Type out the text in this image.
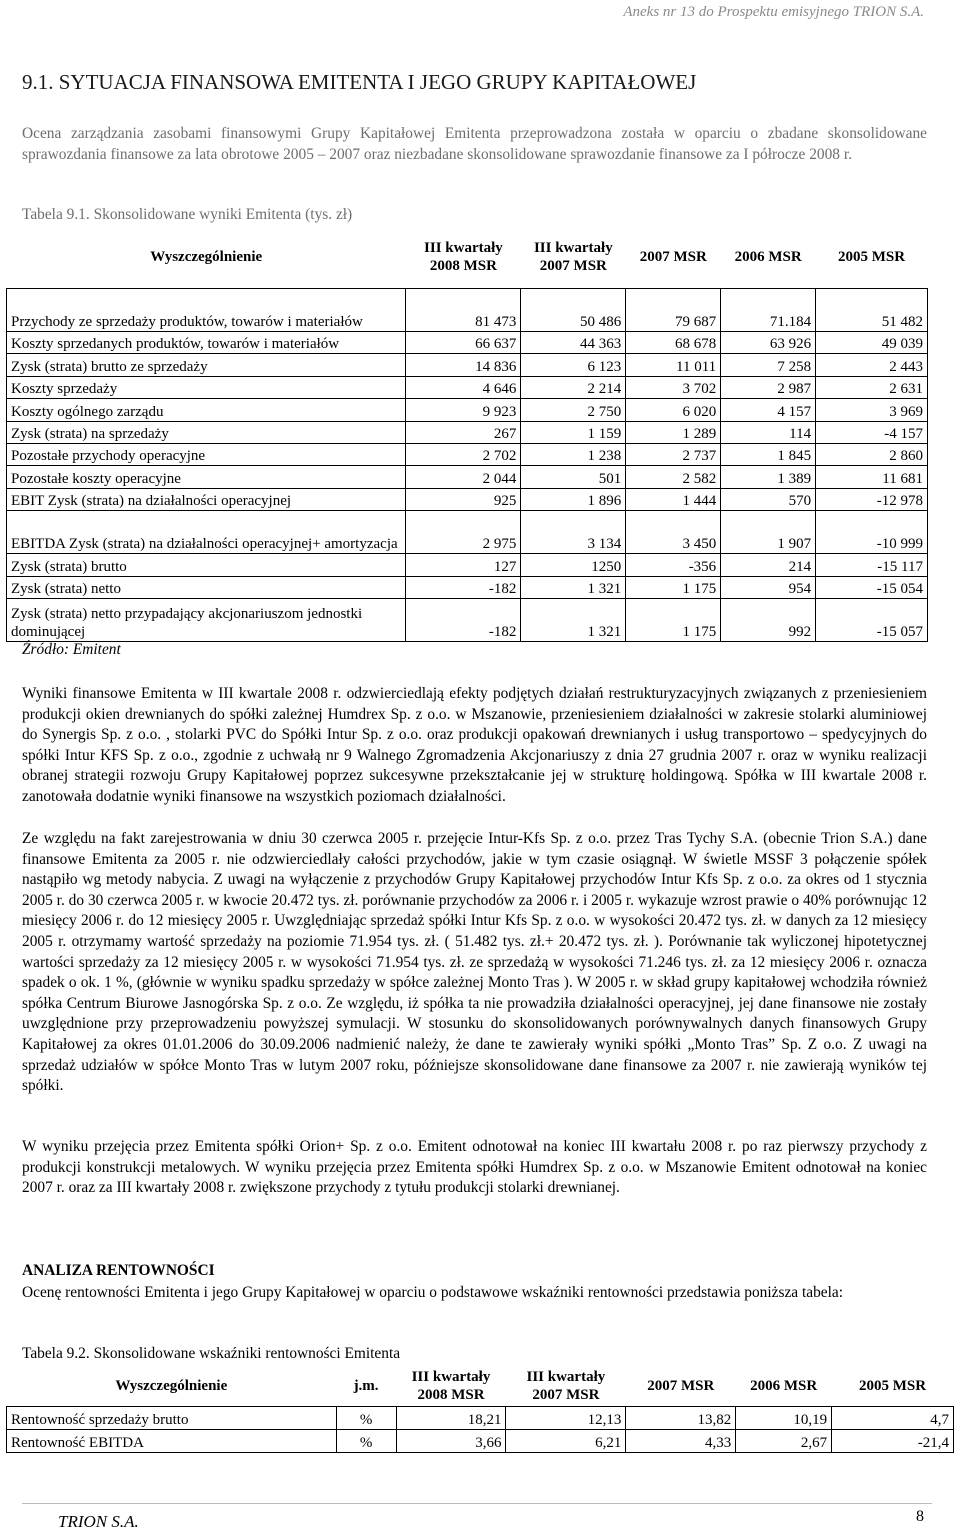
Aneks nr 13 do Prospektu emisyjnego TRION S.A.
9.1. SYTUACJA FINANSOWA EMITENTA I JEGO GRUPY KAPITAŁOWEJ
Ocena zarządzania zasobami finansowymi Grupy Kapitałowej Emitenta przeprowadzona została w oparciu o zbadane skonsolidowane sprawozdania finansowe za lata obrotowe 2005 – 2007 oraz niezbadane skonsolidowane sprawozdanie finansowe za I półrocze 2008 r.
Tabela 9.1. Skonsolidowane wyniki Emitenta (tys. zł)
Wyszczególnienie	III kwartały 2008 MSR	III kwartały 2007 MSR	2007 MSR	2006 MSR	2005 MSR
Przychody ze sprzedaży produktów, towarów i materiałów	81 473	50 486	79 687	71.184	51 482
Koszty sprzedanych produktów, towarów i materiałów	66 637	44 363	68 678	63 926	49 039
Zysk (strata) brutto ze sprzedaży	14 836	6 123	11 011	7 258	2 443
Koszty sprzedaży	4 646	2 214	3 702	2 987	2 631
Koszty ogólnego zarządu	9 923	2 750	6 020	4 157	3 969
Zysk (strata) na sprzedaży	267	1 159	1 289	114	-4 157
Pozostałe przychody operacyjne	2 702	1 238	2 737	1 845	2 860
Pozostałe koszty operacyjne	2 044	501	2 582	1 389	11 681
EBIT Zysk (strata) na działalności operacyjnej	925	1 896	1 444	570	-12 978
EBITDA Zysk (strata) na działalności operacyjnej+ amortyzacja	2 975	3 134	3 450	1 907	-10 999
Zysk (strata) brutto	127	1250	-356	214	-15 117
Zysk (strata) netto	-182	1 321	1 175	954	-15 054
Zysk (strata) netto przypadający akcjonariuszom jednostki dominującej	-182	1 321	1 175	992	-15 057
Źródło: Emitent
Wyniki finansowe Emitenta w III kwartale 2008 r. odzwierciedlają efekty podjętych działań restrukturyzacyjnych związanych z przeniesieniem produkcji okien drewnianych do spółki zależnej Humdrex Sp. z o.o. w Mszanowie, przeniesieniem działalności w zakresie stolarki aluminiowej do Synergis Sp. z o.o. , stolarki PVC do Spółki Intur Sp. z o.o. oraz produkcji opakowań drewnianych i usług transportowo – spedycyjnych do spółki Intur KFS Sp. z o.o., zgodnie z uchwałą nr 9 Walnego Zgromadzenia Akcjonariuszy z dnia 27 grudnia 2007 r. oraz w wyniku realizacji obranej strategii rozwoju Grupy Kapitałowej poprzez sukcesywne przekształcanie jej w strukturę holdingową. Spółka w III kwartale 2008 r. zanotowała dodatnie wyniki finansowe na wszystkich poziomach działalności.
Ze względu na fakt zarejestrowania w dniu 30 czerwca 2005 r. przejęcie Intur-Kfs Sp. z o.o. przez Tras Tychy S.A. (obecnie Trion S.A.) dane finansowe Emitenta za 2005 r. nie odzwierciedlały całości przychodów, jakie w tym czasie osiągnął. W świetle MSSF 3 połączenie spółek nastąpiło wg metody nabycia. Z uwagi na wyłączenie z przychodów Grupy Kapitałowej przychodów Intur Kfs Sp. z o.o. za okres od 1 stycznia 2005 r. do 30 czerwca 2005 r. w kwocie 20.472 tys. zł. porównanie przychodów za 2006 r. i 2005 r. wykazuje wzrost prawie o 40% porównując 12 miesięcy 2006 r. do 12 miesięcy 2005 r. Uwzględniając sprzedaż spółki Intur Kfs Sp. z o.o. w wysokości 20.472 tys. zł. w danych za 12 miesięcy 2005 r. otrzymamy wartość sprzedaży na poziomie 71.954 tys. zł. ( 51.482 tys. zł.+ 20.472 tys. zł. ). Porównanie tak wyliczonej hipotetycznej wartości sprzedaży za 12 miesięcy 2005 r. w wysokości 71.954 tys. zł. ze sprzedażą w wysokości 71.246 tys. zł. za 12 miesięcy 2006 r. oznacza spadek o ok. 1 %, (głównie w wyniku spadku sprzedaży w spółce zależnej Monto Tras ). W 2005 r. w skład grupy kapitałowej wchodziła również spółka Centrum Biurowe Jasnogórska Sp. z o.o. Ze względu, iż spółka ta nie prowadziła działalności operacyjnej, jej dane finansowe nie zostały uwzględnione przy przeprowadzeniu powyższej symulacji. W stosunku do skonsolidowanych porównywalnych danych finansowych Grupy Kapitałowej za okres 01.01.2006 do 30.09.2006 nadmienić należy, że dane te zawierały wyniki spółki „Monto Tras” Sp. Z o.o. Z uwagi na sprzedaż udziałów w spółce Monto Tras w lutym 2007 roku, późniejsze skonsolidowane dane finansowe za 2007 r. nie zawierają wyników tej spółki.
W wyniku przejęcia przez Emitenta spółki Orion+ Sp. z o.o. Emitent odnotował na koniec III kwartału 2008 r. po raz pierwszy przychody z produkcji konstrukcji metalowych. W wyniku przejęcia przez Emitenta spółki Humdrex Sp. z o.o. w Mszanowie Emitent odnotował na koniec 2007 r. oraz za III kwartały 2008 r. zwiększone przychody z tytułu produkcji stolarki drewnianej.
ANALIZA RENTOWNOŚCI
Ocenę rentowności Emitenta i jego Grupy Kapitałowej w oparciu o podstawowe wskaźniki rentowności przedstawia poniższa tabela:
Tabela 9.2. Skonsolidowane wskaźniki rentowności Emitenta
Wyszczególnienie	j.m.	III kwartały 2008 MSR	III kwartały 2007 MSR	2007 MSR	2006 MSR	2005 MSR
Rentowność sprzedaży brutto	%	18,21	12,13	13,82	10,19	4,7
Rentowność EBITDA	%	3,66	6,21	4,33	2,67	-21,4
TRION S.A.	8
